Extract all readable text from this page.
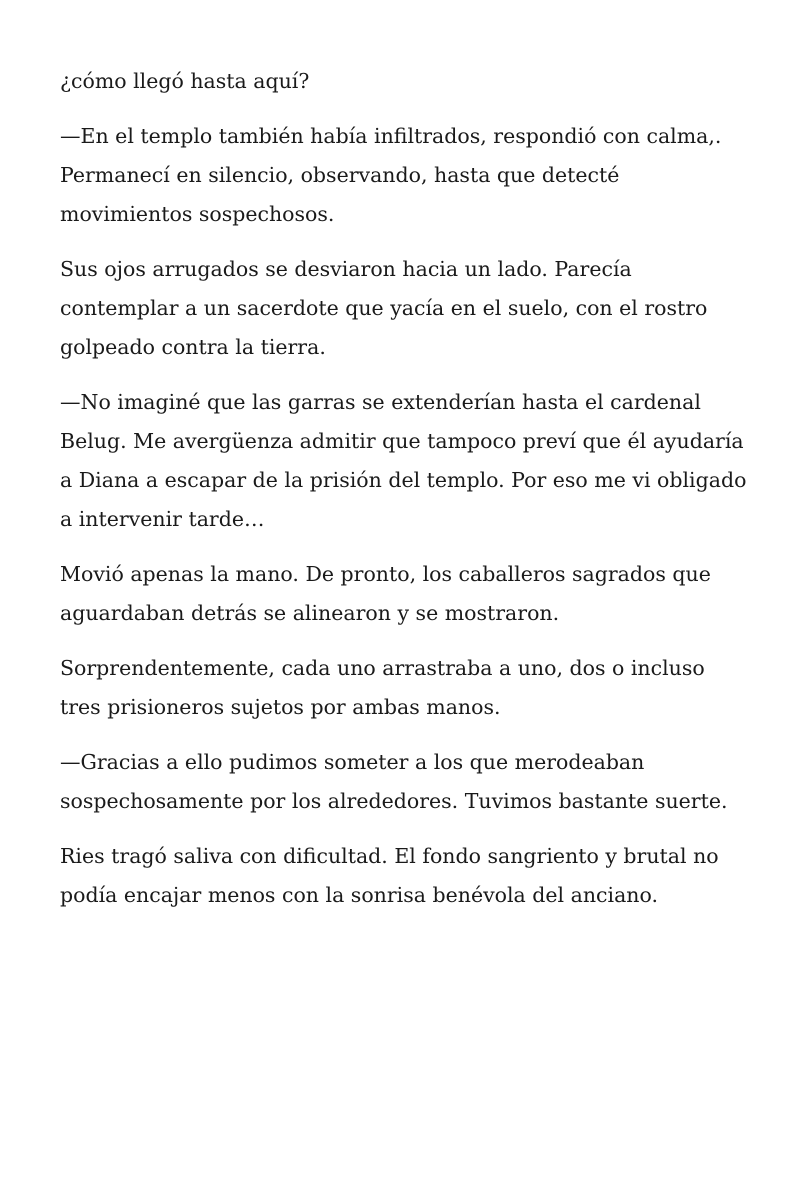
¿cómo llegó hasta aquí?

—En el templo también había infiltrados, respondió con calma,. Permanecí en silencio, observando, hasta que detecté movimientos sospechosos.

Sus ojos arrugados se desviaron hacia un lado. Parecía contemplar a un sacerdote que yacía en el suelo, con el rostro golpeado contra la tierra.

—No imaginé que las garras se extenderían hasta el cardenal Belug. Me avergüenza admitir que tampoco preví que él ayudaría a Diana a escapar de la prisión del templo. Por eso me vi obligado a intervenir tarde…

Movió apenas la mano. De pronto, los caballeros sagrados que aguardaban detrás se alinearon y se mostraron.

Sorprendentemente, cada uno arrastraba a uno, dos o incluso tres prisioneros sujetos por ambas manos.

—Gracias a ello pudimos someter a los que merodeaban sospechosamente por los alrededores. Tuvimos bastante suerte.

Ries tragó saliva con dificultad. El fondo sangriento y brutal no podía encajar menos con la sonrisa benévola del anciano.
